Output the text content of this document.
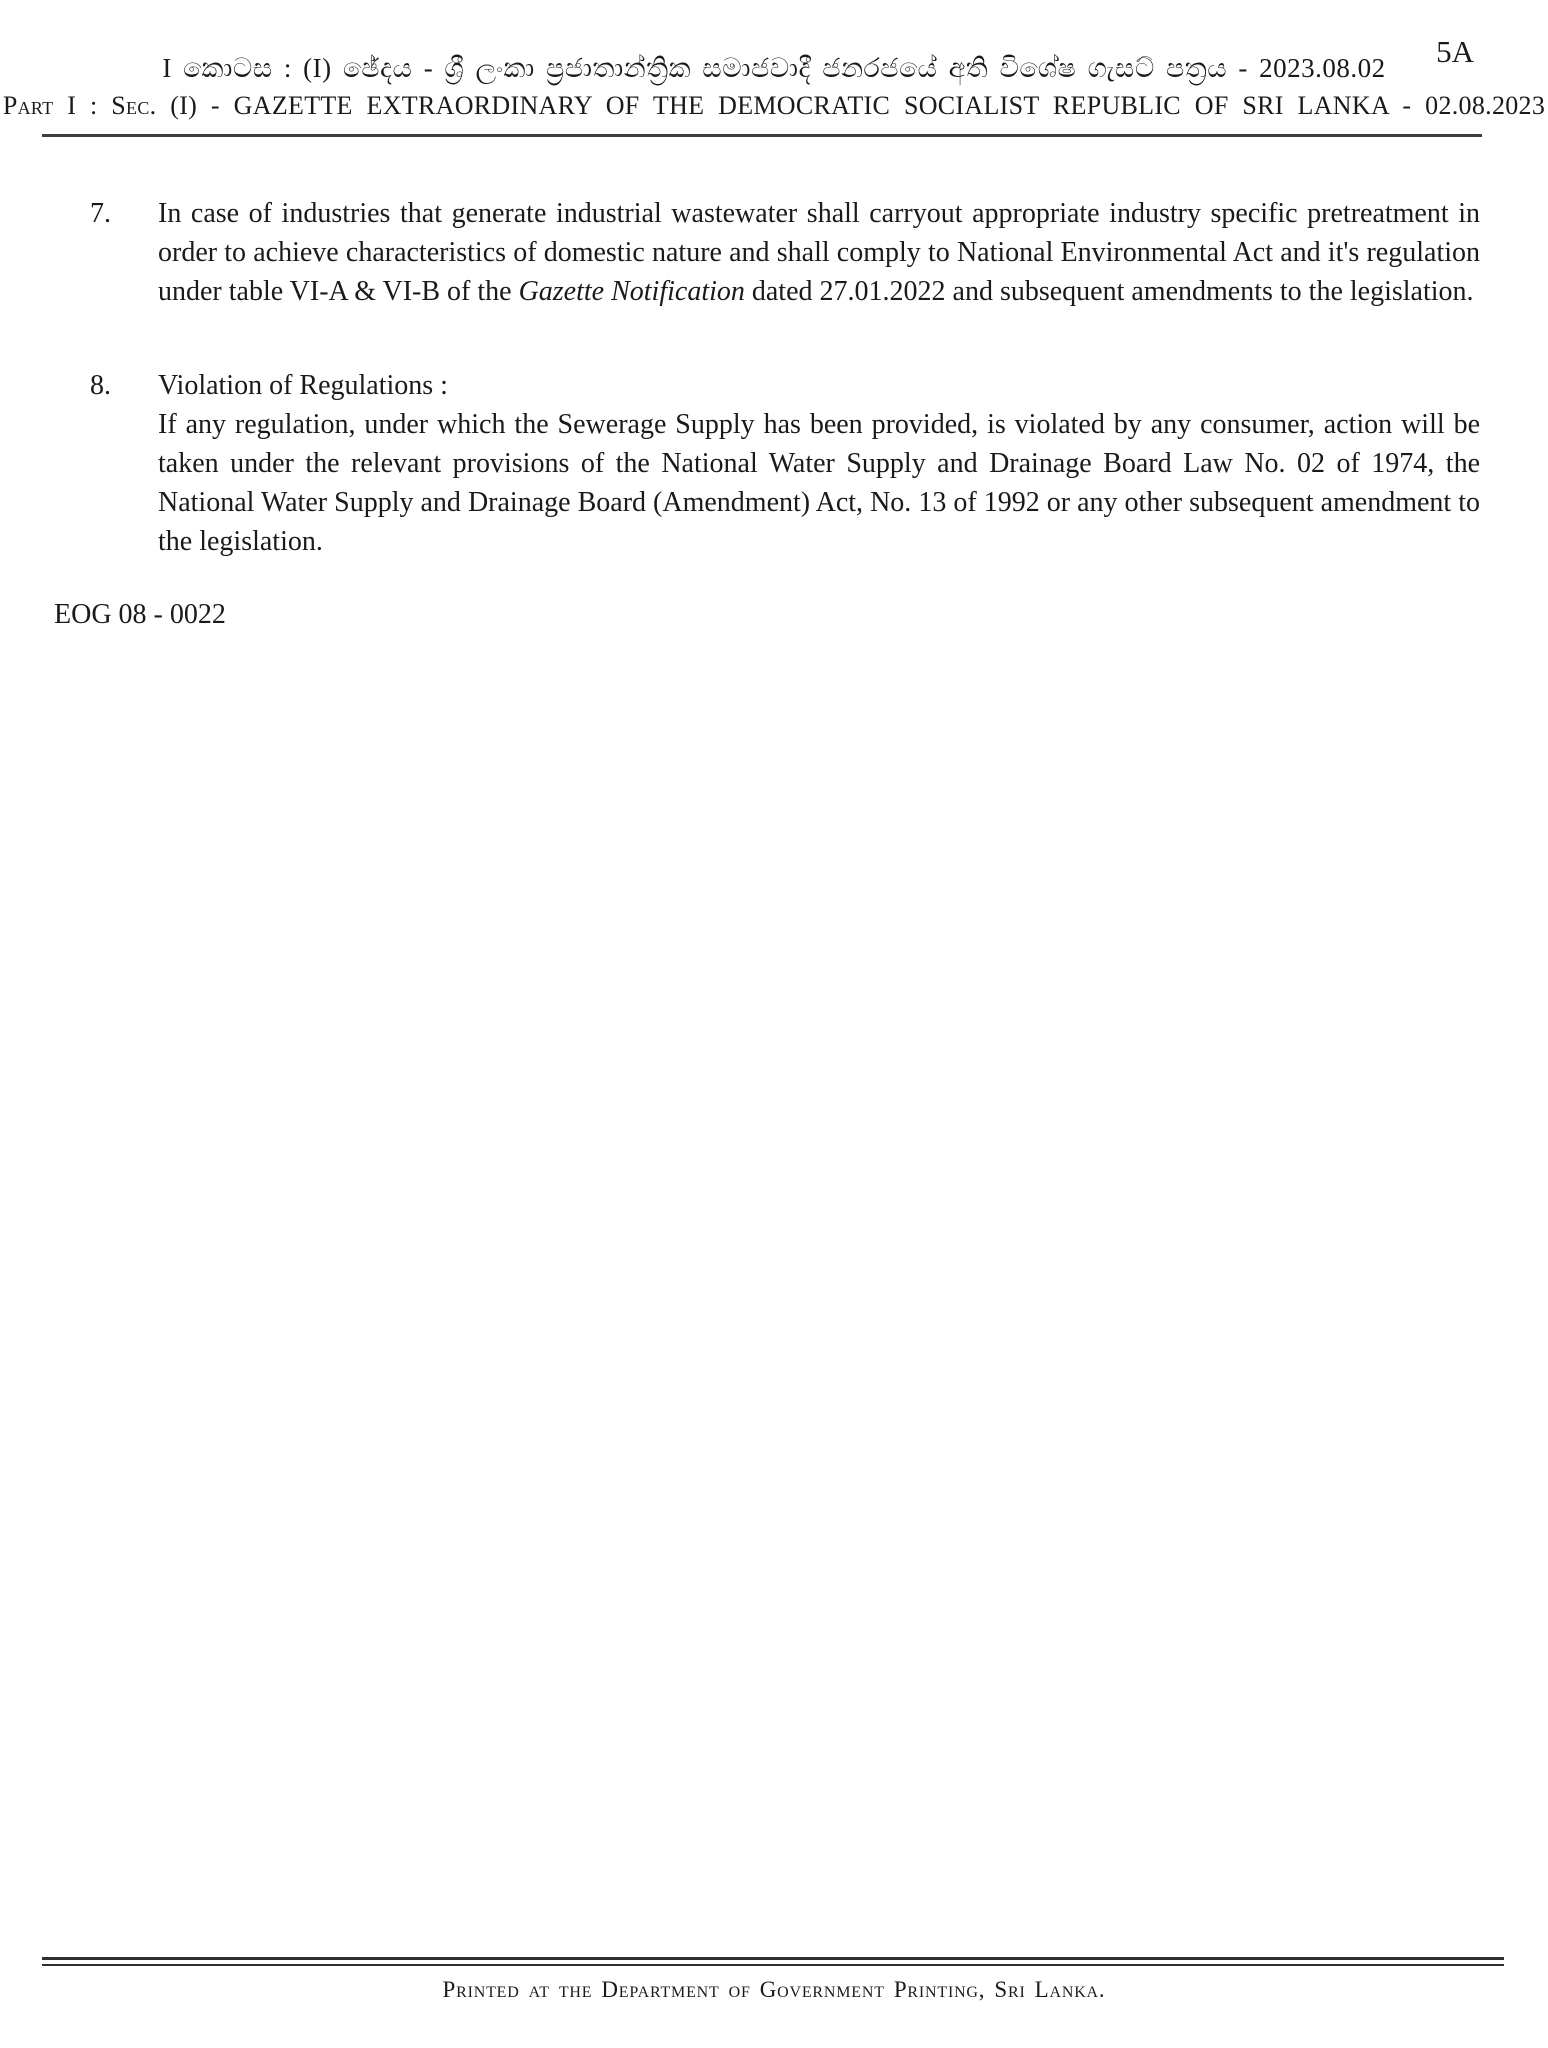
5A
I කොටස : (I) ඡේදය - ශ්‍රී ලංකා ප්‍රජාතාන්ත්‍රික සමාජවාදී ජනරජයේ අති විශේෂ ගැසට් පත්‍රය - 2023.08.02
Part I : Sec. (I) - GAZETTE EXTRAORDINARY OF THE DEMOCRATIC SOCIALIST REPUBLIC OF SRI LANKA - 02.08.2023
7.	In case of industries that generate industrial wastewater shall carryout appropriate industry specific pretreatment in order to achieve characteristics of domestic nature and shall comply to National Environmental Act and it's regulation under table VI-A & VI-B of the Gazette Notification dated 27.01.2022 and subsequent amendments to the legislation.

8.	Violation of Regulations :

If any regulation, under which the Sewerage Supply has been provided, is violated by any consumer, action will be taken under the relevant provisions of the National Water Supply and Drainage Board Law No. 02 of 1974, the National Water Supply and Drainage Board (Amendment) Act, No. 13 of 1992 or any other subsequent amendment to the legislation.

EOG 08 - 0022
Printed at the Department of Government Printing, Sri Lanka.
